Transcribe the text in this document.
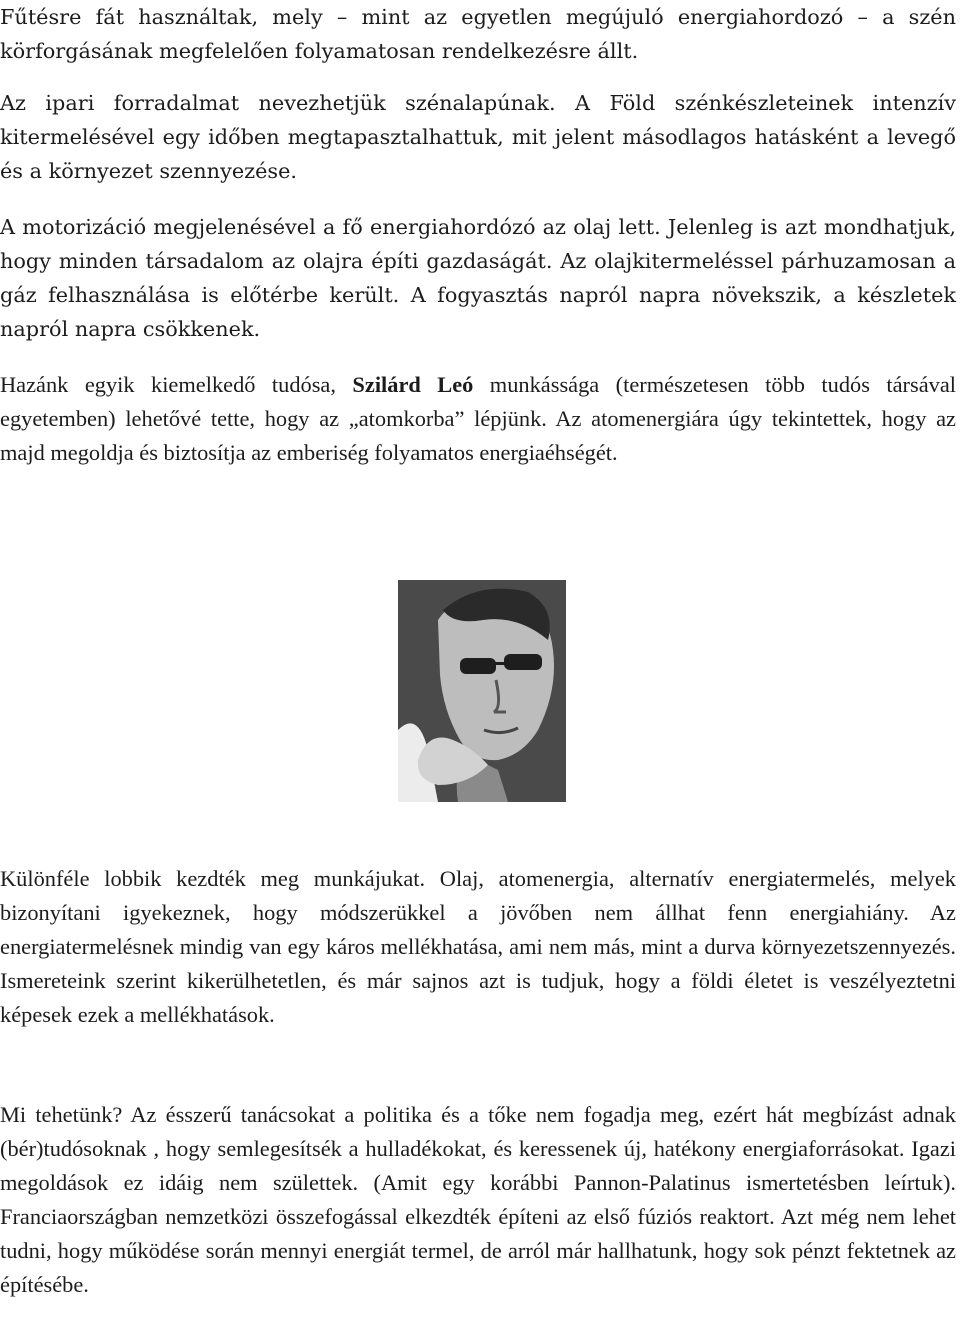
Fűtésre fát használtak, mely – mint az egyetlen megújuló energiahordozó – a szén körforgásának megfelelően folyamatosan rendelkezésre állt.

Az ipari forradalmat nevezhetjük szénalapúnak. A Föld szénkészleteinek intenzív kitermelésével egy időben megtapasztalhattuk, mit jelent másodlagos hatásként a levegő és a környezet szennyezése.

A motorizáció megjelenésével a fő energiahordózó az olaj lett. Jelenleg is azt mondhatjuk, hogy minden társadalom az olajra építi gazdaságát. Az olajkitermeléssel párhuzamosan a gáz felhasználása is előtérbe került. A fogyasztás napról napra növekszik, a készletek napról napra csökkenek.

Hazánk egyik kiemelkedő tudósa, Szilárd Leó munkássága (természetesen több tudós társával egyetemben) lehetővé tette, hogy az „atomkorba” lépjünk. Az atomenergiára úgy tekintettek, hogy az majd megoldja és biztosítja az emberiség folyamatos energiaéhségét.

Különféle lobbik kezdték meg munkájukat. Olaj, atomenergia, alternatív energiatermelés, melyek bizonyítani igyekeznek, hogy módszerükkel a jövőben nem állhat fenn energiahiány. Az energiatermelésnek mindig van egy káros mellékhatása, ami nem más, mint a durva környezetszennyezés. Ismereteink szerint kikerülhetetlen, és már sajnos azt is tudjuk, hogy a földi életet is veszélyeztetni képesek ezek a mellékhatások.

Mi tehetünk? Az ésszerű tanácsokat a politika és a tőke nem fogadja meg, ezért hát megbízást adnak (bér)tudósoknak , hogy semlegesítsék a hulladékokat, és keressenek új, hatékony energiaforrásokat. Igazi megoldások ez idáig nem születtek. (Amit egy korábbi Pannon-Palatinus ismertetésben leírtuk). Franciaországban nemzetközi összefogással elkezdték építeni az első fúziós reaktort. Azt még nem lehet tudni, hogy működése során mennyi energiát termel, de arról már hallhatunk, hogy sok pénzt fektetnek az építésébe.
